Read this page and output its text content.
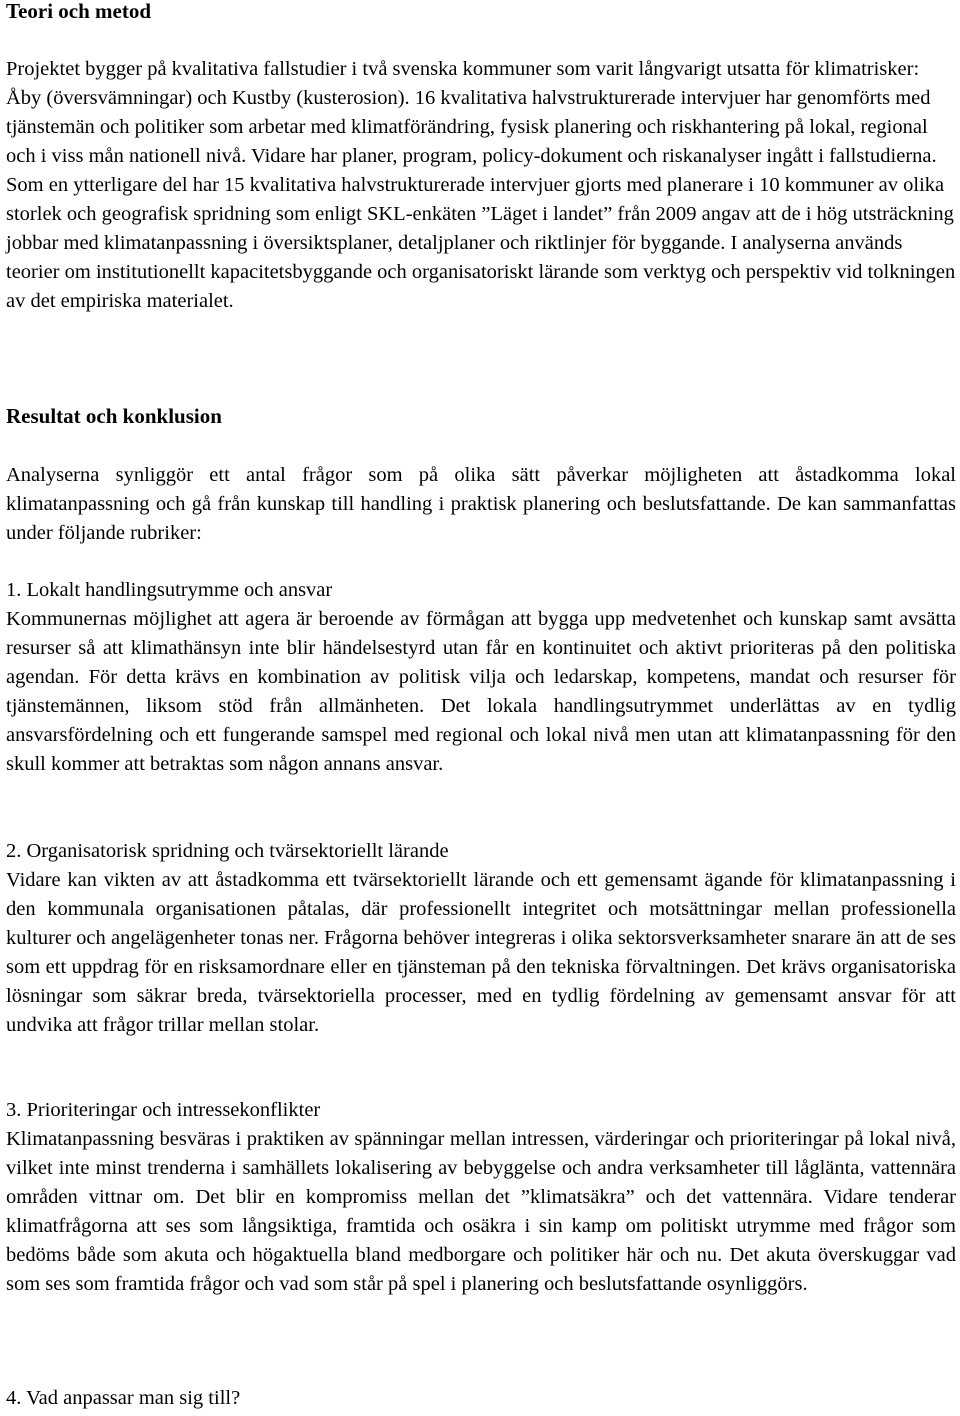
Teori och metod

Projektet bygger på kvalitativa fallstudier i två svenska kommuner som varit långvarigt utsatta för klimatrisker: Åby (översvämningar) och Kustby (kusterosion). 16 kvalitativa halvstrukturerade intervjuer har genomförts med tjänstemän och politiker som arbetar med klimatförändring, fysisk planering och riskhantering på lokal, regional och i viss mån nationell nivå. Vidare har planer, program, policy-dokument och riskanalyser ingått i fallstudierna. Som en ytterligare del har 15 kvalitativa halvstrukturerade intervjuer gjorts med planerare i 10 kommuner av olika storlek och geografisk spridning som enligt SKL-enkäten ”Läget i landet” från 2009 angav att de i hög utsträckning jobbar med klimatanpassning i översiktsplaner, detaljplaner och riktlinjer för byggande. I analyserna används teorier om institutionellt kapacitetsbyggande och organisatoriskt lärande som verktyg och perspektiv vid tolkningen av det empiriska materialet.

Resultat och konklusion

Analyserna synliggör ett antal frågor som på olika sätt påverkar möjligheten att åstadkomma lokal klimatanpassning och gå från kunskap till handling i praktisk planering och beslutsfattande. De kan sammanfattas under följande rubriker:

1. Lokalt handlingsutrymme och ansvar

Kommunernas möjlighet att agera är beroende av förmågan att bygga upp medvetenhet och kunskap samt avsätta resurser så att klimathänsyn inte blir händelsestyrd utan får en kontinuitet och aktivt prioriteras på den politiska agendan. För detta krävs en kombination av politisk vilja och ledarskap, kompetens, mandat och resurser för tjänstemännen, liksom stöd från allmänheten. Det lokala handlingsutrymmet underlättas av en tydlig ansvarsfördelning och ett fungerande samspel med regional och lokal nivå men utan att klimatanpassning för den skull kommer att betraktas som någon annans ansvar.

2. Organisatorisk spridning och tvärsektoriellt lärande

Vidare kan vikten av att åstadkomma ett tvärsektoriellt lärande och ett gemensamt ägande för klimatanpassning i den kommunala organisationen påtalas, där professionellt integritet och motsättningar mellan professionella kulturer och angelägenheter tonas ner. Frågorna behöver integreras i olika sektorsverksamheter snarare än att de ses som ett uppdrag för en risksamordnare eller en tjänsteman på den tekniska förvaltningen. Det krävs organisatoriska lösningar som säkrar breda, tvärsektoriella processer, med en tydlig fördelning av gemensamt ansvar för att undvika att frågor trillar mellan stolar.

3. Prioriteringar och intressekonflikter

Klimatanpassning besväras i praktiken av spänningar mellan intressen, värderingar och prioriteringar på lokal nivå, vilket inte minst trenderna i samhällets lokalisering av bebyggelse och andra verksamheter till låglänta, vattennära områden vittnar om. Det blir en kompromiss mellan det ”klimatsäkra” och det vattennära. Vidare tenderar klimatfrågorna att ses som långsiktiga, framtida och osäkra i sin kamp om politiskt utrymme med frågor som bedöms både som akuta och högaktuella bland medborgare och politiker här och nu. Det akuta överskuggar vad som ses som framtida frågor och vad som står på spel i planering och beslutsfattande osynliggörs.

4. Vad anpassar man sig till?
